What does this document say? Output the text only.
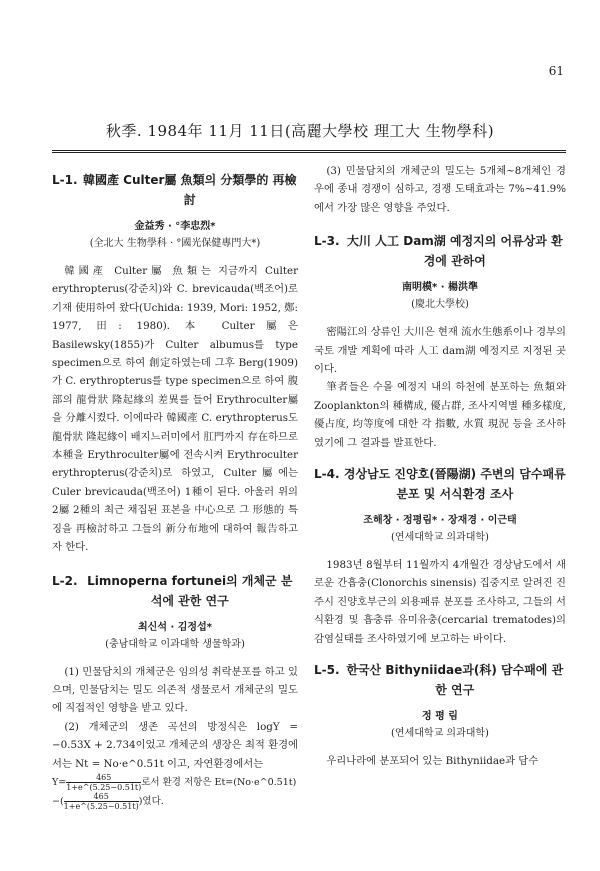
61
秋季. 1984年 11月 11日(高麗大學校 理工大 生物學科)
L-1. 韓國產 Culter屬 魚類의 分類學的 再檢討
金益秀 · °李忠烈*
(全北大 生物學科 · °國光保健專門大*)

韓國產 Culter屬 魚類는 지금까지 Culter erythropterus(강준치)와 C. brevicauda(백조어)로 기재 使用하여 왔다(Uchida: 1939, Mori: 1952, 鄭: 1977, 田: 1980). 本 Culter屬은 Basilewsky(1855)가 Culter albumus를 type specimen으로 하여 創定하였는데 그후 Berg(1909)가 C. erythropterus를 type specimen으로 하여 腹部의 龍骨狀 隆起緣의 差異를 들어 Erythroculter屬을 分離시켰다. 이에따라 韓國產 C. erythropterus도 龍骨狀 隆起緣이 배지느러미에서 肛門까지 存在하므로 本種을 Erythroculter屬에 전속시켜 Erythroculter erythropterus(강준치)로 하였고, Culter屬에는 Culer brevicauda(백조어) 1種이 된다. 아울러 위의 2屬 2種의 최근 채집된 표본을 中心으로 그 形態的 특징을 再檢討하고 그들의 新分布地에 대하여 報告하고자 한다.

L-2. Limnoperna fortunei의 개체군 분석에 관한 연구
최신석 · 김정섭*
(충남대학교 이과대학 생물학과)

(1) 민물담치의 개체군은 임의성 취락분포를 하고 있으며, 민물담치는 밀도 의존적 생물로서 개체군의 밀도에 직접적인 영향을 받고 있다.

(2) 개체군의 생존 곡선의 방정식은 logY = −0.53X + 2.734이었고 개체군의 생장은 최적 환경에서는 Nt = No·e^0.51t 이고, 자연환경에서는

$Y= \frac{465}{1+e\^{}(5.25-0.51t)}$ 로서 환경 저항은 Et=(No·e^0.51t)
−( $\frac{465}{1+e\^{}(5.25-0.51t)}$ )였다.

(3) 민물담치의 개체군의 밀도는 5개체~8개체인 경우에 종내 경쟁이 심하고, 경쟁 도태효과는 7%~41.9%에서 가장 많은 영향을 주었다.

L-3. 大川 人工 Dam湖 예정지의 어류상과 환경에 관하여
南明模* · 楊洪準
(慶北大學校)

密陽江의 상류인 大川은 현재 流水生態系이나 경부의 국토 개발 계획에 따라 人工 dam湖 예정지로 지정된 곳이다.

筆者들은 수몰 예정지 내의 하천에 분포하는 魚類와 Zooplankton의 種構成, 優占群, 조사지역별 種多樣度, 優占度, 均等度에 대한 각 指數, 水質 現況 등을 조사하였기에 그 결과를 발표한다.

L-4. 경상남도 진양호(晉陽湖) 주변의 담수패류 분포 및 서식환경 조사
조해창 · 정평림* · 장재경 · 이근태
(연세대학교 의과대학)

1983년 8월부터 11월까지 4개월간 경상남도에서 새로운 간흡충(Clonorchis sinensis) 집중지로 알려진 진주시 진양호부근의 외용패류 분포를 조사하고, 그들의 서식환경 및 흡충류 유미유충(cercarial trematodes)의 감염실태를 조사하였기에 보고하는 바이다.

L-5. 한국산 Bithyniidae과(科) 담수패에 관한 연구
정 평 림
(연세대학교 의과대학)

우리나라에 분포되어 있는 Bithyniidae과 담수
